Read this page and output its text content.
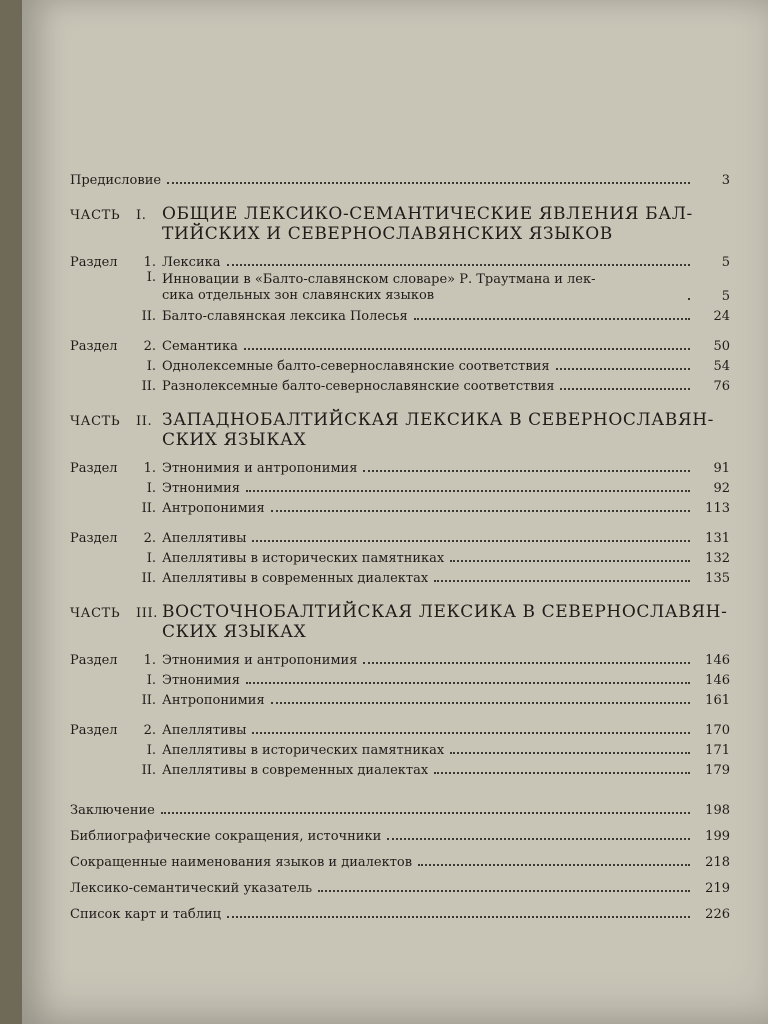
Предисловие	3
ЧАСТЬ	I. ОБЩИЕ ЛЕКСИКО-СЕМАНТИЧЕСКИЕ ЯВЛЕНИЯ БАЛ-
ТИЙСКИХ И СЕВЕРНОСЛАВЯНСКИХ ЯЗЫКОВ
Раздел	1. Лексика	5
I. Инновации в «Балто-славянском словаре» Р. Траутмана и лек-
сика отдельных зон славянских языков	5
II. Балто-славянская лексика Полесья	24
Раздел	2. Семантика	50
I. Однолексемные балто-севернославянские соответствия	54
II. Разнолексемные балто-севернославянские соответствия	76
ЧАСТЬ	II. ЗАПАДНОБАЛТИЙСКАЯ ЛЕКСИКА В СЕВЕРНОСЛАВЯН-
СКИХ ЯЗЫКАХ
Раздел	1. Этнонимия и антропонимия	91
I. Этнонимия	92
II. Антропонимия	113
Раздел	2. Апеллятивы	131
I. Апеллятивы в исторических памятниках	132
II. Апеллятивы в современных диалектах	135
ЧАСТЬ	III. ВОСТОЧНОБАЛТИЙСКАЯ ЛЕКСИКА В СЕВЕРНОСЛАВЯН-
СКИХ ЯЗЫКАХ
Раздел	1. Этнонимия и антропонимия	146
I. Этнонимия	146
II. Антропонимия	161
Раздел	2. Апеллятивы	170
I. Апеллятивы в исторических памятниках	171
II. Апеллятивы в современных диалектах	179
Заключение	198
Библиографические сокращения, источники	199
Сокращенные наименования языков и диалектов	218
Лексико-семантический указатель	219
Список карт и таблиц	226
